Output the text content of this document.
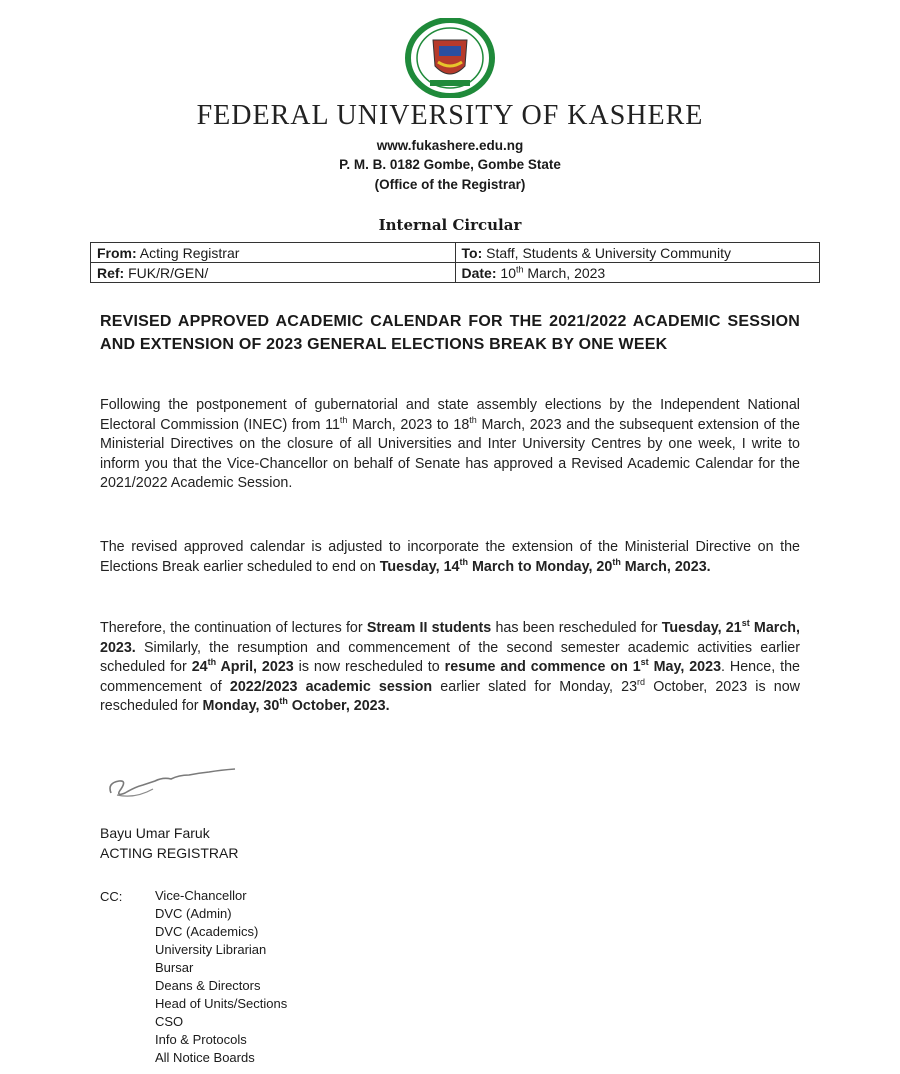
FEDERAL UNIVERSITY OF KASHERE
www.fukashere.edu.ng
P. M. B. 0182 Gombe, Gombe State
(Office of the Registrar)
Internal Circular
From: Acting Registrar	To: Staff, Students & University Community
Ref: FUK/R/GEN/	Date: 10th March, 2023
REVISED APPROVED ACADEMIC CALENDAR FOR THE 2021/2022 ACADEMIC SESSION AND EXTENSION OF 2023 GENERAL ELECTIONS BREAK BY ONE WEEK
Following the postponement of gubernatorial and state assembly elections by the Independent National Electoral Commission (INEC) from 11th March, 2023 to 18th March, 2023 and the subsequent extension of the Ministerial Directives on the closure of all Universities and Inter University Centres by one week, I write to inform you that the Vice-Chancellor on behalf of Senate has approved a Revised Academic Calendar for the 2021/2022 Academic Session.
The revised approved calendar is adjusted to incorporate the extension of the Ministerial Directive on the Elections Break earlier scheduled to end on Tuesday, 14th March to Monday, 20th March, 2023.
Therefore, the continuation of lectures for Stream II students has been rescheduled for Tuesday, 21st March, 2023. Similarly, the resumption and commencement of the second semester academic activities earlier scheduled for 24th April, 2023 is now rescheduled to resume and commence on 1st May, 2023. Hence, the commencement of 2022/2023 academic session earlier slated for Monday, 23rd October, 2023 is now rescheduled for Monday, 30th October, 2023.
Bayu Umar Faruk
ACTING REGISTRAR
CC:	Vice-Chancellor
DVC (Admin)
DVC (Academics)
University Librarian
Bursar
Deans & Directors
Head of Units/Sections
CSO
Info & Protocols
All Notice Boards
